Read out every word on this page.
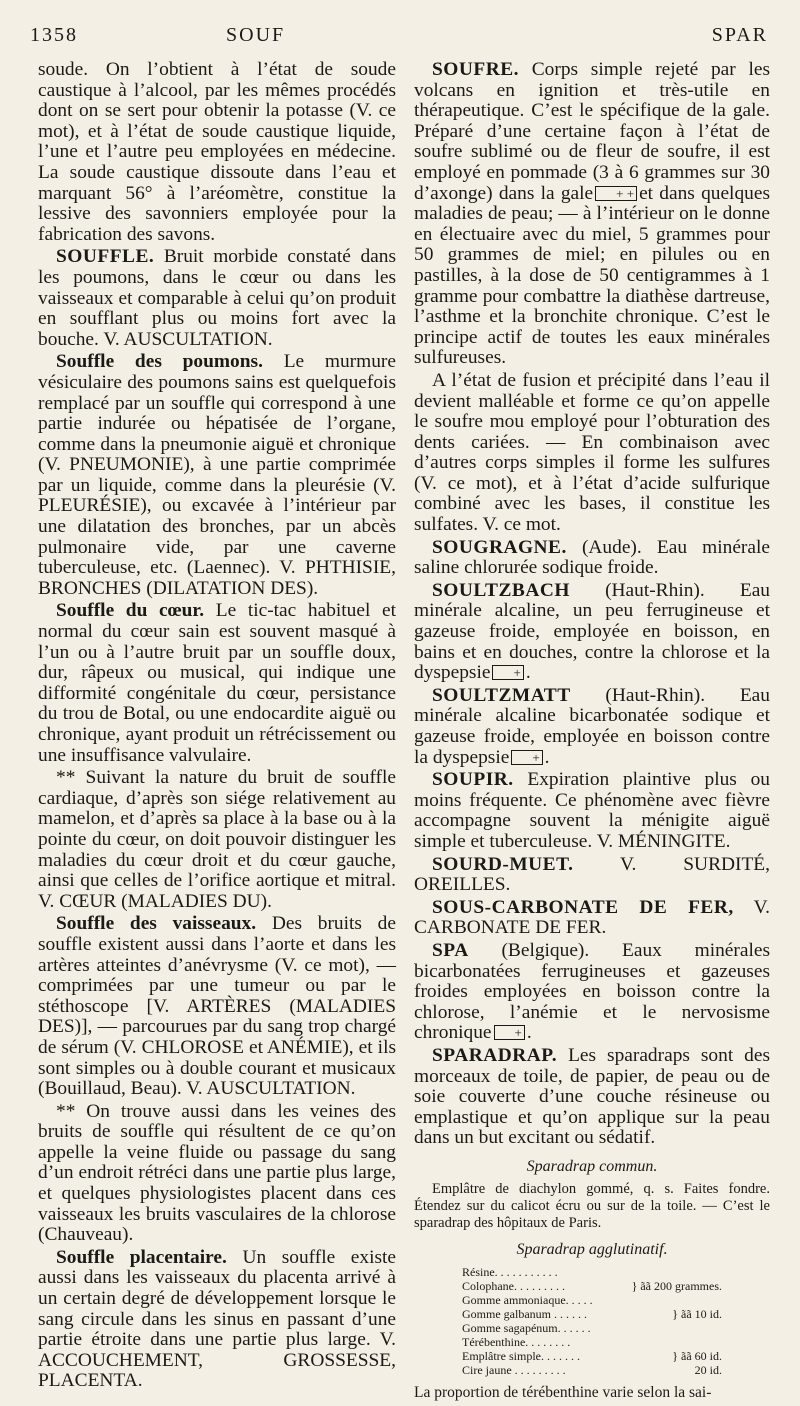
1358	SOUF	SPAR

soude. On l’obtient à l’état de soude caustique à l’alcool, par les mêmes procédés dont on se sert pour obtenir la potasse (V. ce mot), et à l’état de soude caustique liquide, l’une et l’autre peu employées en médecine. La soude caustique dissoute dans l’eau et marquant 56° à l’aréomètre, constitue la lessive des savonniers employée pour la fabrication des savons.

SOUFFLE. Bruit morbide constaté dans les poumons, dans le cœur ou dans les vaisseaux et comparable à celui qu’on produit en soufflant plus ou moins fort avec la bouche. V. AUSCULTATION.

Souffle des poumons. Le murmure vésiculaire des poumons sains est quelquefois remplacé par un souffle qui correspond à une partie indurée ou hépatisée de l’organe, comme dans la pneumonie aiguë et chronique (V. PNEUMONIE), à une partie comprimée par un liquide, comme dans la pleurésie (V. PLEURÉSIE), ou excavée à l’intérieur par une dilatation des bronches, par un abcès pulmonaire vide, par une caverne tuberculeuse, etc. (Laennec). V. PHTHISIE, BRONCHES (DILATATION DES).

Souffle du cœur. Le tic-tac habituel et normal du cœur sain est souvent masqué à l’un ou à l’autre bruit par un souffle doux, dur, râpeux ou musical, qui indique une difformité congénitale du cœur, persistance du trou de Botal, ou une endocardite aiguë ou chronique, ayant produit un rétrécissement ou une insuffisance valvulaire.

** Suivant la nature du bruit de souffle cardiaque, d’après son siége relativement au mamelon, et d’après sa place à la base ou à la pointe du cœur, on doit pouvoir distinguer les maladies du cœur droit et du cœur gauche, ainsi que celles de l’orifice aortique et mitral. V. CŒUR (MALADIES DU).

Souffle des vaisseaux. Des bruits de souffle existent aussi dans l’aorte et dans les artères atteintes d’anévrysme (V. ce mot), — comprimées par une tumeur ou par le stéthoscope [V. ARTÈRES (MALADIES DES)], — parcourues par du sang trop chargé de sérum (V. CHLOROSE et ANÉMIE), et ils sont simples ou à double courant et musicaux (Bouillaud, Beau). V. AUSCULTATION.

** On trouve aussi dans les veines des bruits de souffle qui résultent de ce qu’on appelle la veine fluide ou passage du sang d’un endroit rétréci dans une partie plus large, et quelques physiologistes placent dans ces vaisseaux les bruits vasculaires de la chlorose (Chauveau).

Souffle placentaire. Un souffle existe aussi dans les vaisseaux du placenta arrivé à un certain degré de développement lorsque le sang circule dans les sinus en passant d’une partie étroite dans une partie plus large. V. ACCOUCHEMENT, GROSSESSE, PLACENTA.

SOUFRE. Corps simple rejeté par les volcans en ignition et très-utile en thérapeutique. C’est le spécifique de la gale. Préparé d’une certaine façon à l’état de soufre sublimé ou de fleur de soufre, il est employé en pommade (3 à 6 grammes sur 30 d’axonge) dans la gale + + et dans quelques maladies de peau; — à l’intérieur on le donne en électuaire avec du miel, 5 grammes pour 50 grammes de miel; en pilules ou en pastilles, à la dose de 50 centigrammes à 1 gramme pour combattre la diathèse dartreuse, l’asthme et la bronchite chronique. C’est le principe actif de toutes les eaux minérales sulfureuses.

A l’état de fusion et précipité dans l’eau il devient malléable et forme ce qu’on appelle le soufre mou employé pour l’obturation des dents cariées. — En combinaison avec d’autres corps simples il forme les sulfures (V. ce mot), et à l’état d’acide sulfurique combiné avec les bases, il constitue les sulfates. V. ce mot.

SOUGRAGNE. (Aude). Eau minérale saline chlorurée sodique froide.

SOULTZBACH (Haut-Rhin). Eau minérale alcaline, un peu ferrugineuse et gazeuse froide, employée en boisson, en bains et en douches, contre la chlorose et la dyspepsie + .

SOULTZMATT (Haut-Rhin). Eau minérale alcaline bicarbonatée sodique et gazeuse froide, employée en boisson contre la dyspepsie + .

SOUPIR. Expiration plaintive plus ou moins fréquente. Ce phénomène avec fièvre accompagne souvent la ménigite aiguë simple et tuberculeuse. V. MÉNINGITE.

SOURD-MUET. V. SURDITÉ, OREILLES.

SOUS-CARBONATE DE FER, V. CARBONATE DE FER.

SPA (Belgique). Eaux minérales bicarbonatées ferrugineuses et gazeuses froides employées en boisson contre la chlorose, l’anémie et le nervosisme chronique + .

SPARADRAP. Les sparadraps sont des morceaux de toile, de papier, de peau ou de soie couverte d’une couche résineuse ou emplastique et qu’on applique sur la peau dans un but excitant ou sédatif.

Sparadrap commun.

Emplâtre de diachylon gommé, q. s. Faites fondre. Étendez sur du calicot écru ou sur de la toile. — C’est le sparadrap des hôpitaux de Paris.

Sparadrap agglutinatif.
Résine. . . . . . . . . . .
Colophane. . . . . . . . .	} ãã 200 grammes.
Gomme ammoniaque. . . . .
Gomme galbanum . . . . . .	} ãã 10 id.
Gomme sagapénum. . . . . .
Térébenthine. . . . . . . .
Emplâtre simple. . . . . . .	} ãã 60 id.
Cire jaune . . . . . . . . .	20 id.

La proportion de térébenthine varie selon la sai-
